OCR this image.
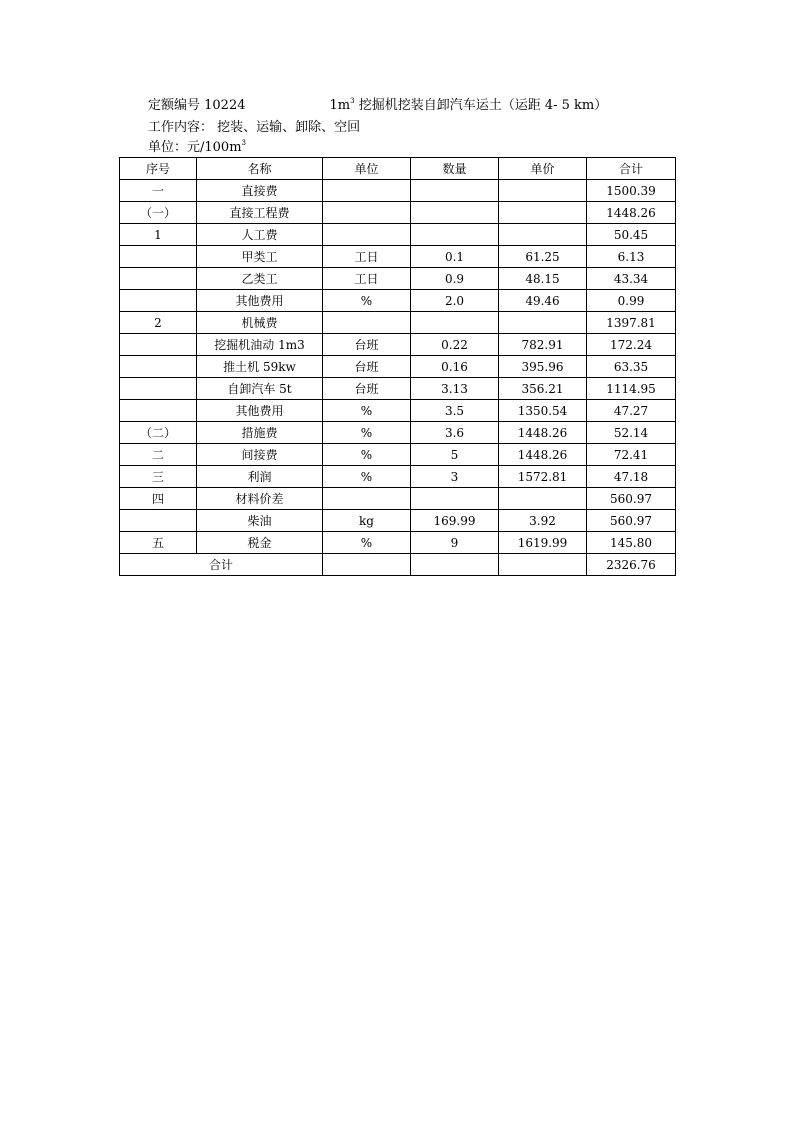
定额编号 10224	$1m^3$ 挖掘机挖装自卸汽车运土（运距 4- 5 km）
工作内容： 挖装、运输、卸除、空回
单位：元$/100m^3$
序号	名称	单位	数量	单价	合计
一	直接费				1500.39
（一）	直接工程费				1448.26
1	人工费				50.45
	甲类工	工日	0.1	61.25	6.13
	乙类工	工日	0.9	48.15	43.34
	其他费用	%	2.0	49.46	0.99
2	机械费				1397.81
	挖掘机油动 1m3	台班	0.22	782.91	172.24
	推土机 59kw	台班	0.16	395.96	63.35
	自卸汽车 5t	台班	3.13	356.21	1114.95
	其他费用	%	3.5	1350.54	47.27
（二）	措施费	%	3.6	1448.26	52.14
二	间接费	%	5	1448.26	72.41
三	利润	%	3	1572.81	47.18
四	材料价差				560.97
	柴油	kg	169.99	3.92	560.97
五	税金	%	9	1619.99	145.80
合计					2326.76
